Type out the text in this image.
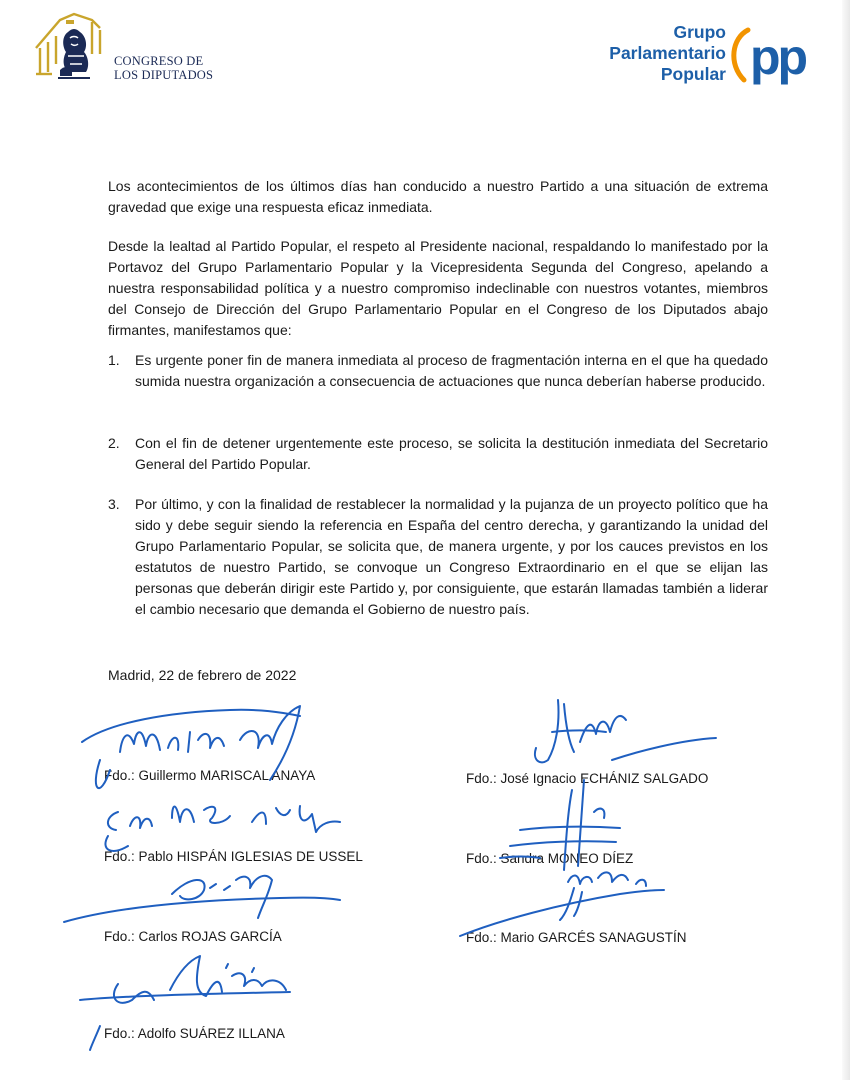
CONGRESO DE
LOS DIPUTADOS
Grupo
Parlamentario
Popular pp

Los acontecimientos de los últimos días han conducido a nuestro Partido a una situación de extrema gravedad que exige una respuesta eficaz inmediata.

Desde la lealtad al Partido Popular, el respeto al Presidente nacional, respaldando lo manifestado por la Portavoz del Grupo Parlamentario Popular y la Vicepresidenta Segunda del Congreso, apelando a nuestra responsabilidad política y a nuestro compromiso indeclinable con nuestros votantes, miembros del Consejo de Dirección del Grupo Parlamentario Popular en el Congreso de los Diputados abajo firmantes, manifestamos que:

1.	Es urgente poner fin de manera inmediata al proceso de fragmentación interna en el que ha quedado sumida nuestra organización a consecuencia de actuaciones que nunca deberían haberse producido.
2.	Con el fin de detener urgentemente este proceso, se solicita la destitución inmediata del Secretario General del Partido Popular.
3.	Por último, y con la finalidad de restablecer la normalidad y la pujanza de un proyecto político que ha sido y debe seguir siendo la referencia en España del centro derecha, y garantizando la unidad del Grupo Parlamentario Popular, se solicita que, de manera urgente, y por los cauces previstos en los estatutos de nuestro Partido, se convoque un Congreso Extraordinario en el que se elijan las personas que deberán dirigir este Partido y, por consiguiente, que estarán llamadas también a liderar el cambio necesario que demanda el Gobierno de nuestro país.
Madrid, 22 de febrero de 2022
Fdo.: Guillermo MARISCAL ANAYA
Fdo.: Pablo HISPÁN IGLESIAS DE USSEL
Fdo.: Carlos ROJAS GARCÍA
Fdo.: Adolfo SUÁREZ ILLANA
Fdo.: José Ignacio ECHÁNIZ SALGADO
Fdo.: Sandra MONEO DÍEZ
Fdo.: Mario GARCÉS SANAGUSTÍN
